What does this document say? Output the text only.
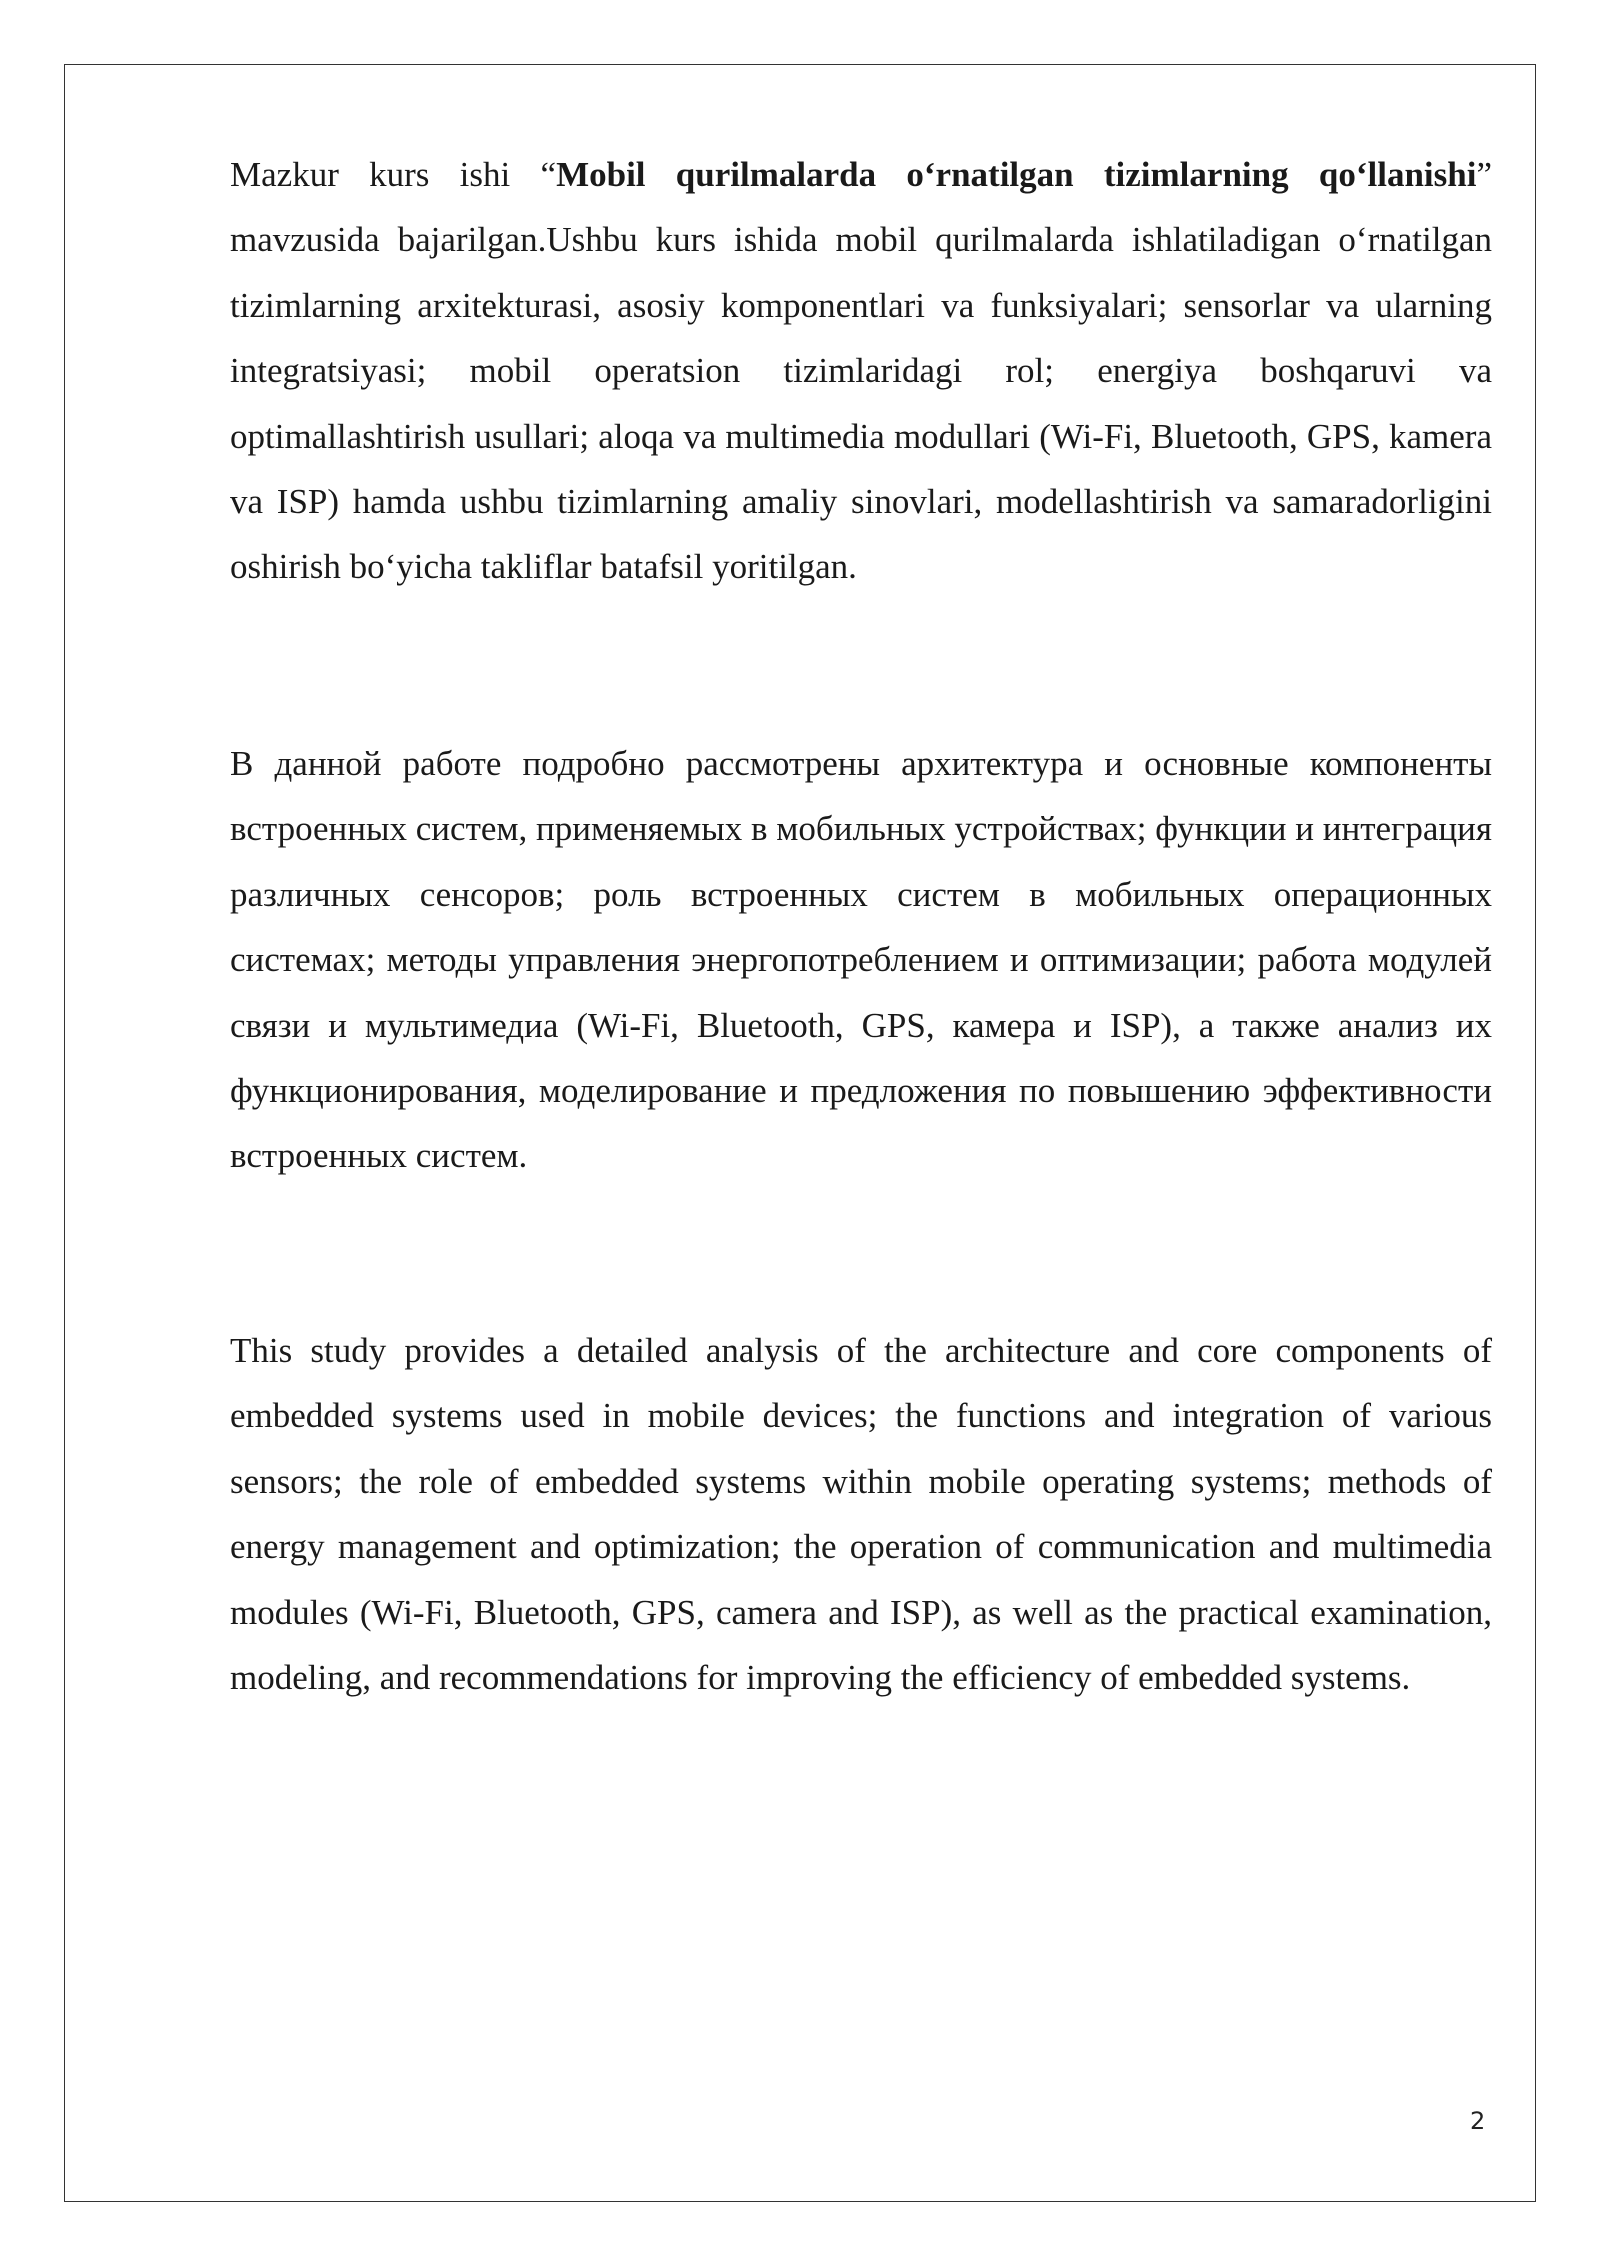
Mazkur kurs ishi “Mobil qurilmalarda oʻrnatilgan tizimlarning qoʻllanishi” mavzusida bajarilgan.Ushbu kurs ishida mobil qurilmalarda ishlatiladigan oʻrnatilgan tizimlarning arxitekturasi, asosiy komponentlari va funksiyalari; sensorlar va ularning integratsiyasi; mobil operatsion tizimlaridagi rol; energiya boshqaruvi va optimallashtirish usullari; aloqa va multimedia modullari (Wi-Fi, Bluetooth, GPS, kamera va ISP) hamda ushbu tizimlarning amaliy sinovlari, modellashtirish va samaradorligini oshirish boʻyicha takliflar batafsil yoritilgan.

В данной работе подробно рассмотрены архитектура и основные компоненты встроенных систем, применяемых в мобильных устройствах; функции и интеграция различных сенсоров; роль встроенных систем в мобильных операционных системах; методы управления энергопотреблением и оптимизации; работа модулей связи и мультимедиа (Wi-Fi, Bluetooth, GPS, камера и ISP), а также анализ их функционирования, моделирование и предложения по повышению эффективности встроенных систем.

This study provides a detailed analysis of the architecture and core components of embedded systems used in mobile devices; the functions and integration of various sensors; the role of embedded systems within mobile operating systems; methods of energy management and optimization; the operation of communication and multimedia modules (Wi-Fi, Bluetooth, GPS, camera and ISP), as well as the practical examination, modeling, and recommendations for improving the efficiency of embedded systems.

2
